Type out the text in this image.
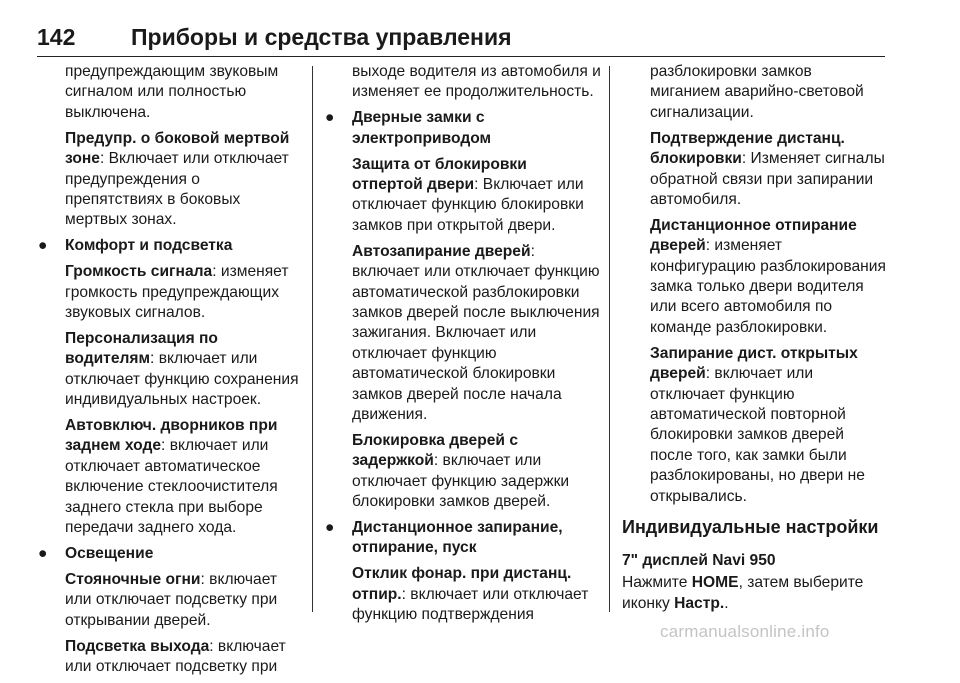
142 Приборы и средства управления

предупреждающим звуковым сигналом или полностью выключена.

Предупр. о боковой мертвой зоне: Включает или отключает предупреждения о препятствиях в боковых мертвых зонах.

● Комфорт и подсветка

Громкость сигнала: изменяет громкость предупреждающих звуковых сигналов.

Персонализация по водителям: включает или отключает функцию сохранения индивидуальных настроек.

Автовключ. дворников при заднем ходе: включает или отключает автоматическое включение стеклоочистителя заднего стекла при выборе передачи заднего хода.

● Освещение

Стояночные огни: включает или отключает подсветку при открывании дверей.

Подсветка выхода: включает или отключает подсветку при

выходе водителя из автомобиля и изменяет ее продолжительность.

● Дверные замки с электроприводом

Защита от блокировки отпертой двери: Включает или отключает функцию блокировки замков при открытой двери.

Автозапирание дверей: включает или отключает функцию автоматической разблокировки замков дверей после выключения зажигания. Включает или отключает функцию автоматической блокировки замков дверей после начала движения.

Блокировка дверей с задержкой: включает или отключает функцию задержки блокировки замков дверей.

● Дистанционное запирание, отпирание, пуск

Отклик фонар. при дистанц. отпир.: включает или отключает функцию подтверждения

разблокировки замков миганием аварийно-световой сигнализации.

Подтверждение дистанц. блокировки: Изменяет сигналы обратной связи при запирании автомобиля.

Дистанционное отпирание дверей: изменяет конфигурацию разблокирования замка только двери водителя или всего автомобиля по команде разблокировки.

Запирание дист. открытых дверей: включает или отключает функцию автоматической повторной блокировки замков дверей после того, как замки были разблокированы, но двери не открывались.

Индивидуальные настройки

7" дисплей Navi 950

Нажмите HOME, затем выберите иконку Настр..

carmanualsonline.info
